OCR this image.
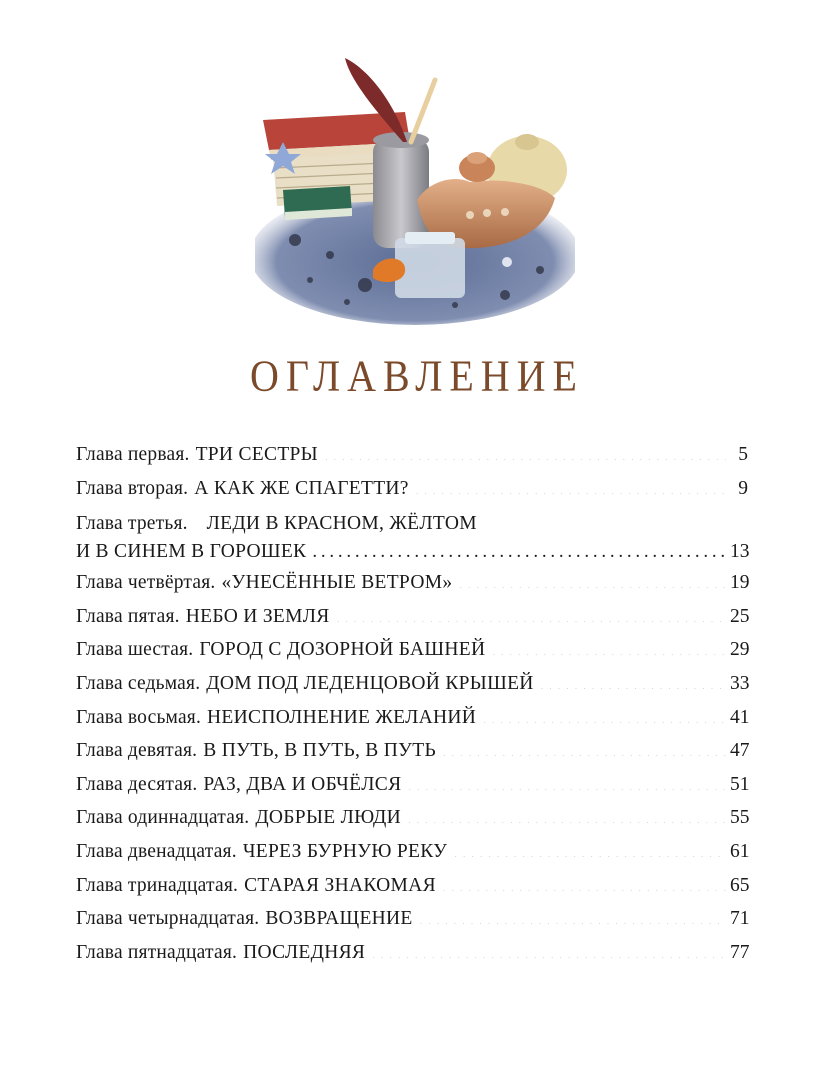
ОГЛАВЛЕНИЕ
Глава первая. ТРИ СЕСТРЫ . . .	5
Глава вторая. А КАК ЖЕ СПАГЕТТИ? . . .	9
Глава третья. ЛЕДИ В КРАСНОМ, ЖЁЛТОМ
И В СИНЕМ В ГОРОШЕК . . .	13
Глава четвёртая. «УНЕСЁННЫЕ ВЕТРОМ» . . .	19
Глава пятая. НЕБО И ЗЕМЛЯ . . .	25
Глава шестая. ГОРОД С ДОЗОРНОЙ БАШНЕЙ . . .	29
Глава седьмая. ДОМ ПОД ЛЕДЕНЦОВОЙ КРЫШЕЙ . . .	33
Глава восьмая. НЕИСПОЛНЕНИЕ ЖЕЛАНИЙ . . .	41
Глава девятая. В ПУТЬ, В ПУТЬ, В ПУТЬ . . .	47
Глава десятая. РАЗ, ДВА И ОБЧЁЛСЯ . . .	51
Глава одиннадцатая. ДОБРЫЕ ЛЮДИ . . .	55
Глава двенадцатая. ЧЕРЕЗ БУРНУЮ РЕКУ . . .	61
Глава тринадцатая. СТАРАЯ ЗНАКОМАЯ . . .	65
Глава четырнадцатая. ВОЗВРАЩЕНИЕ . . .	71
Глава пятнадцатая. ПОСЛЕДНЯЯ . . .	77
